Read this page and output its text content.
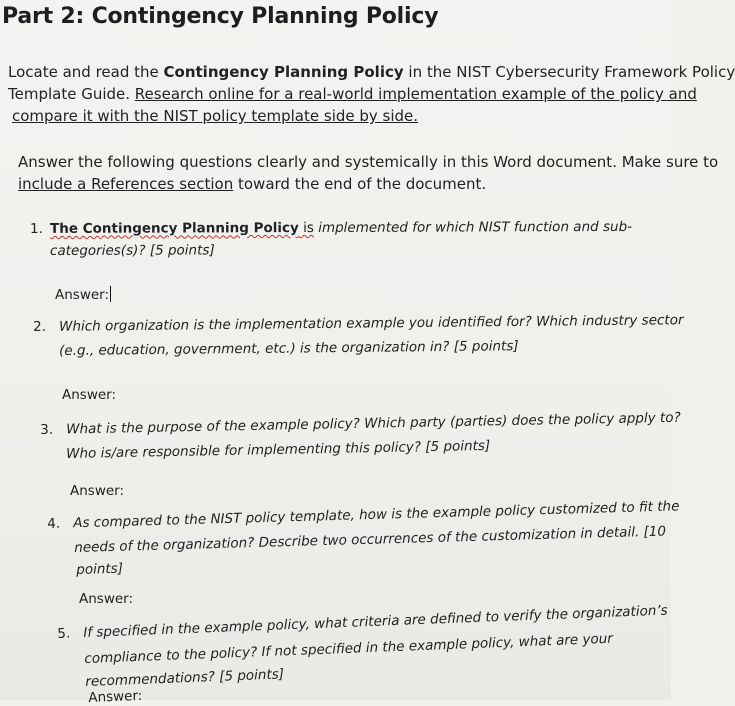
Part 2: Contingency Planning Policy
Locate and read the Contingency Planning Policy in the NIST Cybersecurity Framework Policy
Template Guide. Research online for a real-world implementation example of the policy and
compare it with the NIST policy template side by side.
Answer the following questions clearly and systemically in this Word document. Make sure to
include a References section toward the end of the document.
1. The Contingency Planning Policy is implemented for which NIST function and sub-
categories(s)? [5 points]
Answer:
2. Which organization is the implementation example you identified for? Which industry sector
(e.g., education, government, etc.) is the organization in? [5 points]
Answer:
3. What is the purpose of the example policy? Which party (parties) does the policy apply to?
Who is/are responsible for implementing this policy? [5 points]
Answer:
4. As compared to the NIST policy template, how is the example policy customized to fit the
needs of the organization? Describe two occurrences of the customization in detail. [10
points]
Answer:
5. If specified in the example policy, what criteria are defined to verify the organization’s
compliance to the policy? If not specified in the example policy, what are your
recommendations? [5 points]
Answer:
